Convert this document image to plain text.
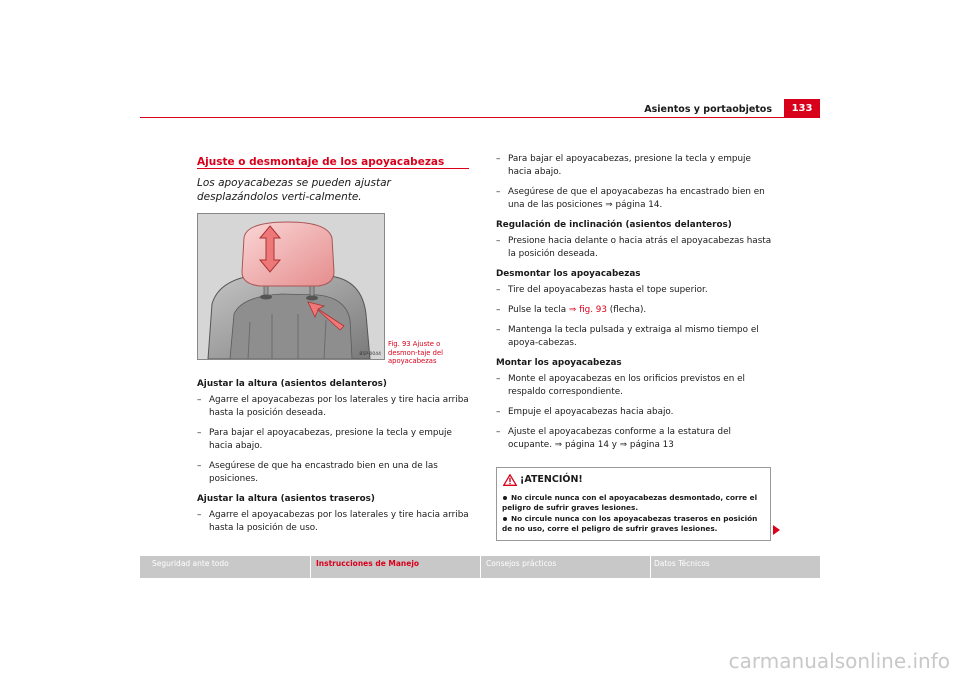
Asientos y portaobjetos	133
Ajuste o desmontaje de los apoyacabezas
Los apoyacabezas se pueden ajustar desplazándolos verti-calmente.
B5P-0044
Fig. 93 Ajuste o desmon-taje del apoyacabezas
Ajustar la altura (asientos delanteros)
– Agarre el apoyacabezas por los laterales y tire hacia arriba hasta la posición deseada.
– Para bajar el apoyacabezas, presione la tecla y empuje hacia abajo.
– Asegúrese de que ha encastrado bien en una de las posiciones.
Ajustar la altura (asientos traseros)
– Agarre el apoyacabezas por los laterales y tire hacia arriba hasta la posición de uso.
– Para bajar el apoyacabezas, presione la tecla y empuje hacia abajo.
– Asegúrese de que el apoyacabezas ha encastrado bien en una de las posiciones ⇒ página 14.
Regulación de inclinación (asientos delanteros)
– Presione hacia delante o hacia atrás el apoyacabezas hasta la posición deseada.
Desmontar los apoyacabezas
– Tire del apoyacabezas hasta el tope superior.
– Pulse la tecla ⇒ fig. 93 (flecha).
– Mantenga la tecla pulsada y extraiga al mismo tiempo el apoya-cabezas.
Montar los apoyacabezas
– Monte el apoyacabezas en los orificios previstos en el respaldo correspondiente.
– Empuje el apoyacabezas hacia abajo.
– Ajuste el apoyacabezas conforme a la estatura del ocupante. ⇒ página 14 y ⇒ página 13
¡ATENCIÓN!
No circule nunca con el apoyacabezas desmontado, corre el peligro de sufrir graves lesiones.
No circule nunca con los apoyacabezas traseros en posición de no uso, corre el peligro de sufrir graves lesiones.
Seguridad ante todo	Instrucciones de Manejo	Consejos prácticos	Datos Técnicos
carmanualsonline.info
